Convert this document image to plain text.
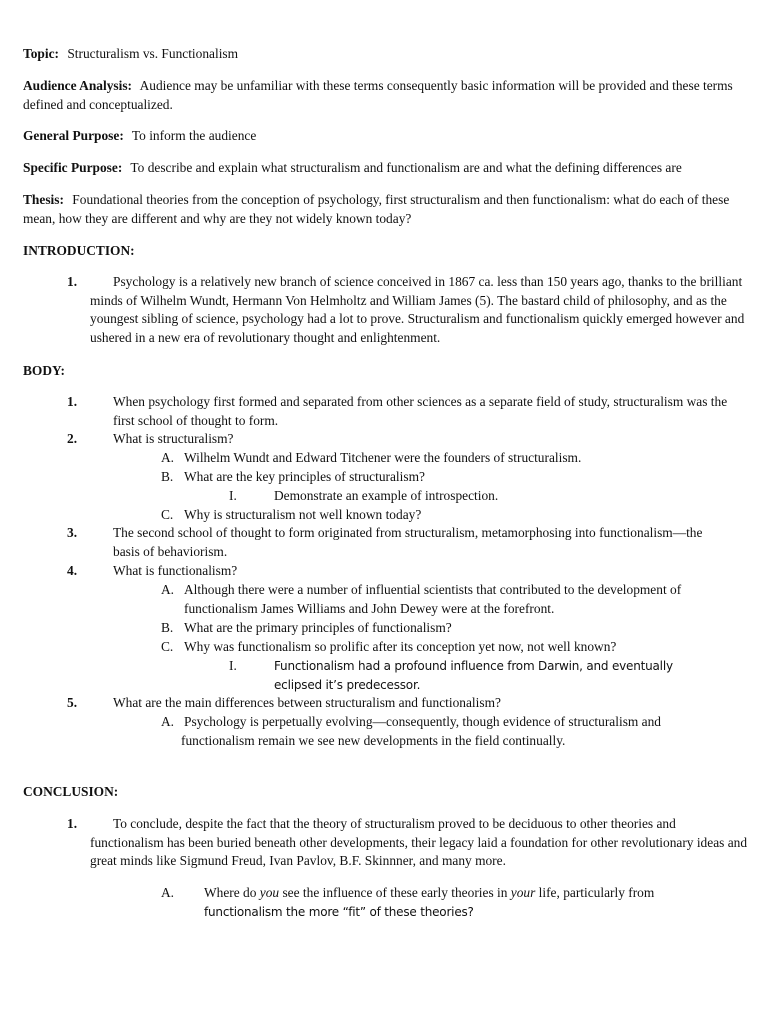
Topic: Structuralism vs. Functionalism
Audience Analysis: Audience may be unfamiliar with these terms consequently basic information will be provided and these terms defined and conceptualized.
General Purpose: To inform the audience
Specific Purpose: To describe and explain what structuralism and functionalism are and what the defining differences are
Thesis: Foundational theories from the conception of psychology, first structuralism and then functionalism: what do each of these mean, how they are different and why are they not widely known today?
INTRODUCTION:
1.	Psychology is a relatively new branch of science conceived in 1867 ca. less than 150 years ago, thanks to the brilliant minds of Wilhelm Wundt, Hermann Von Helmholtz and William James (5). The bastard child of philosophy, and as the youngest sibling of science, psychology had a lot to prove. Structuralism and functionalism quickly emerged however and ushered in a new era of revolutionary thought and enlightenment.
BODY:
1.	When psychology first formed and separated from other sciences as a separate field of study, structuralism was the first school of thought to form.
2.	What is structuralism?
A. Wilhelm Wundt and Edward Titchener were the founders of structuralism.
B. What are the key principles of structuralism?
I.	Demonstrate an example of introspection.
C. Why is structuralism not well known today?
3.	The second school of thought to form originated from structuralism, metamorphosing into functionalism—the basis of behaviorism.
4.	What is functionalism?
A. Although there were a number of influential scientists that contributed to the development of functionalism James Williams and John Dewey were at the forefront.
B. What are the primary principles of functionalism?
C. Why was functionalism so prolific after its conception yet now, not well known?
I.	Functionalism had a profound influence from Darwin, and eventually eclipsed it’s predecessor.
5.	What are the main differences between structuralism and functionalism?
A. Psychology is perpetually evolving—consequently, though evidence of structuralism and functionalism remain we see new developments in the field continually.
CONCLUSION:
1.	To conclude, despite the fact that the theory of structuralism proved to be deciduous to other theories and functionalism has been buried beneath other developments, their legacy laid a foundation for other revolutionary ideas and great minds like Sigmund Freud, Ivan Pavlov, B.F. Skinnner, and many more.
A. Where do you see the influence of these early theories in your life, particularly from
functionalism the more “fit” of these theories?
